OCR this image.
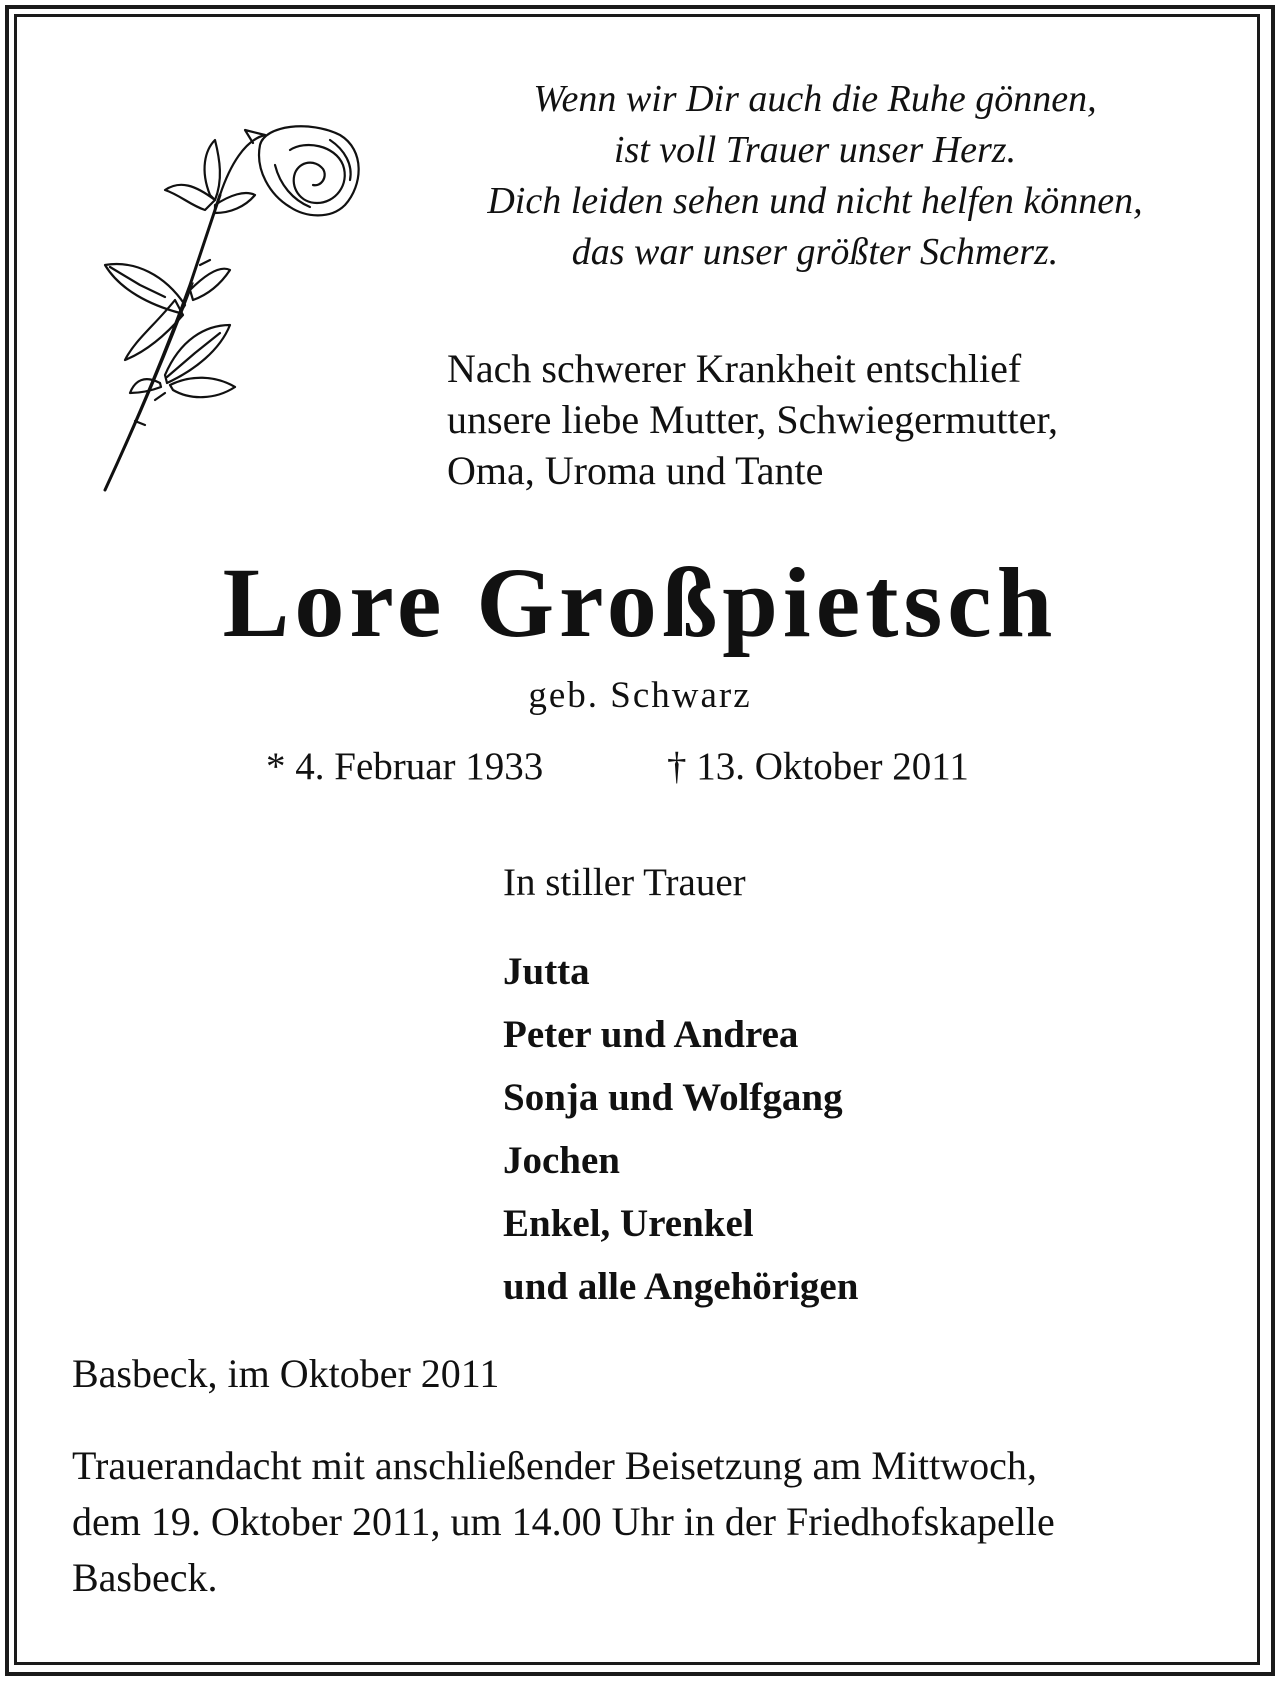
Wenn wir Dir auch die Ruhe gönnen,
ist voll Trauer unser Herz.
Dich leiden sehen und nicht helfen können,
das war unser größter Schmerz.
Nach schwerer Krankheit entschlief
unsere liebe Mutter, Schwiegermutter,
Oma, Uroma und Tante
Lore Großpietsch
geb. Schwarz
* 4. Februar 1933	† 13. Oktober 2011
In stiller Trauer
Jutta
Peter und Andrea
Sonja und Wolfgang
Jochen
Enkel, Urenkel
und alle Angehörigen
Basbeck, im Oktober 2011
Trauerandacht mit anschließender Beisetzung am Mittwoch,
dem 19. Oktober 2011, um 14.00 Uhr in der Friedhofskapelle
Basbeck.
